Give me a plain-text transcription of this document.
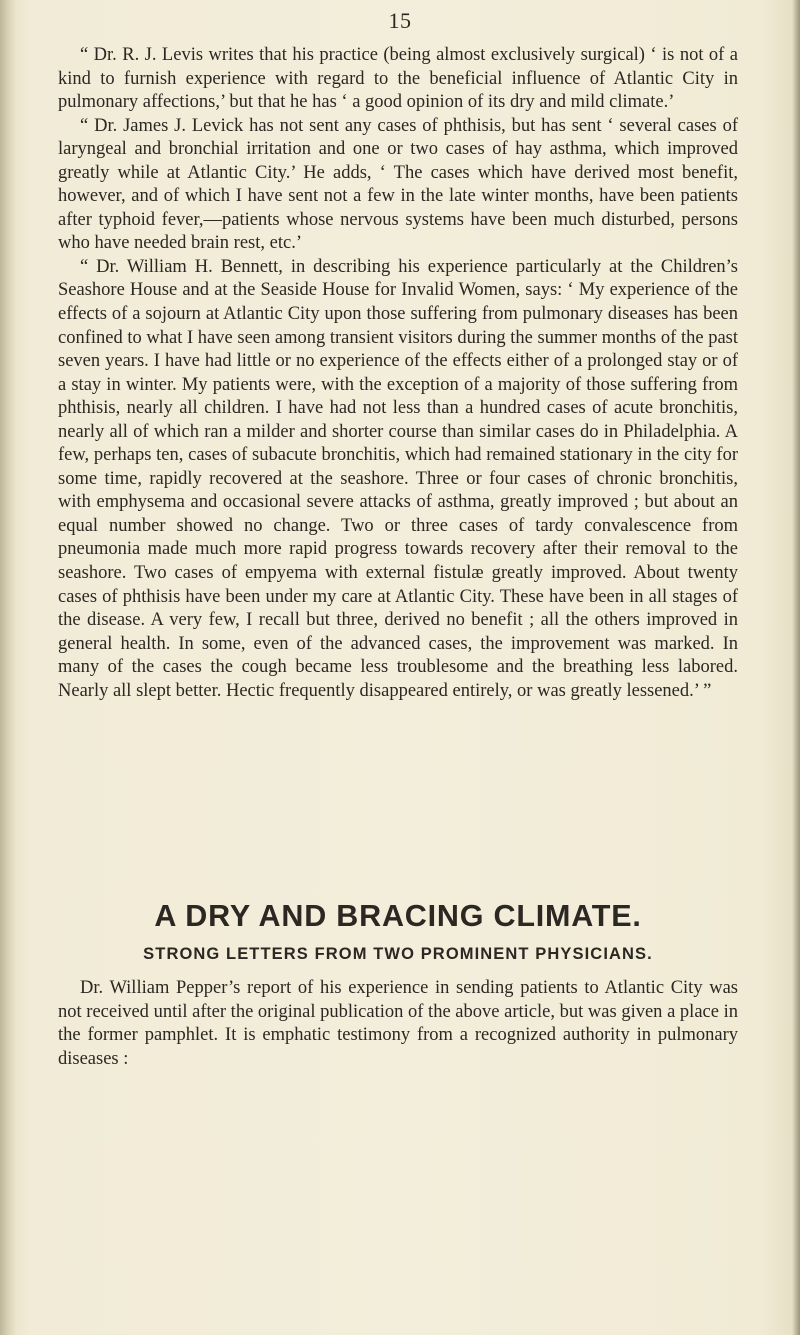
15

“ Dr. R. J. Levis writes that his practice (being almost exclusively surgical) ‘ is not of a kind to furnish experience with regard to the beneficial influence of Atlantic City in pulmonary affections,’ but that he has ‘ a good opinion of its dry and mild climate.’

“ Dr. James J. Levick has not sent any cases of phthisis, but has sent ‘ several cases of laryngeal and bronchial irritation and one or two cases of hay asthma, which improved greatly while at Atlantic City.’ He adds, ‘ The cases which have derived most benefit, however, and of which I have sent not a few in the late winter months, have been patients after typhoid fever,—patients whose nervous systems have been much disturbed, persons who have needed brain rest, etc.’

“ Dr. William H. Bennett, in describing his experience particularly at the Children’s Seashore House and at the Seaside House for Invalid Women, says: ‘ My experience of the effects of a sojourn at Atlantic City upon those suffering from pulmonary diseases has been confined to what I have seen among transient visitors during the summer months of the past seven years. I have had little or no experience of the effects either of a prolonged stay or of a stay in winter. My patients were, with the exception of a majority of those suffering from phthisis, nearly all children. I have had not less than a hundred cases of acute bronchitis, nearly all of which ran a milder and shorter course than similar cases do in Philadelphia. A few, perhaps ten, cases of subacute bronchitis, which had remained stationary in the city for some time, rapidly recovered at the seashore. Three or four cases of chronic bronchitis, with emphysema and occasional severe attacks of asthma, greatly improved ; but about an equal number showed no change. Two or three cases of tardy convalescence from pneumonia made much more rapid progress towards recovery after their removal to the seashore. Two cases of empyema with external fistulæ greatly improved. About twenty cases of phthisis have been under my care at Atlantic City. These have been in all stages of the disease. A very few, I recall but three, derived no benefit ; all the others improved in general health. In some, even of the advanced cases, the improvement was marked. In many of the cases the cough became less troublesome and the breathing less labored. Nearly all slept better. Hectic frequently disappeared entirely, or was greatly lessened.’ ”

A DRY AND BRACING CLIMATE.
STRONG LETTERS FROM TWO PROMINENT PHYSICIANS.

Dr. William Pepper’s report of his experience in sending patients to Atlantic City was not received until after the original publication of the above article, but was given a place in the former pamphlet. It is emphatic testimony from a recognized authority in pulmonary diseases :
